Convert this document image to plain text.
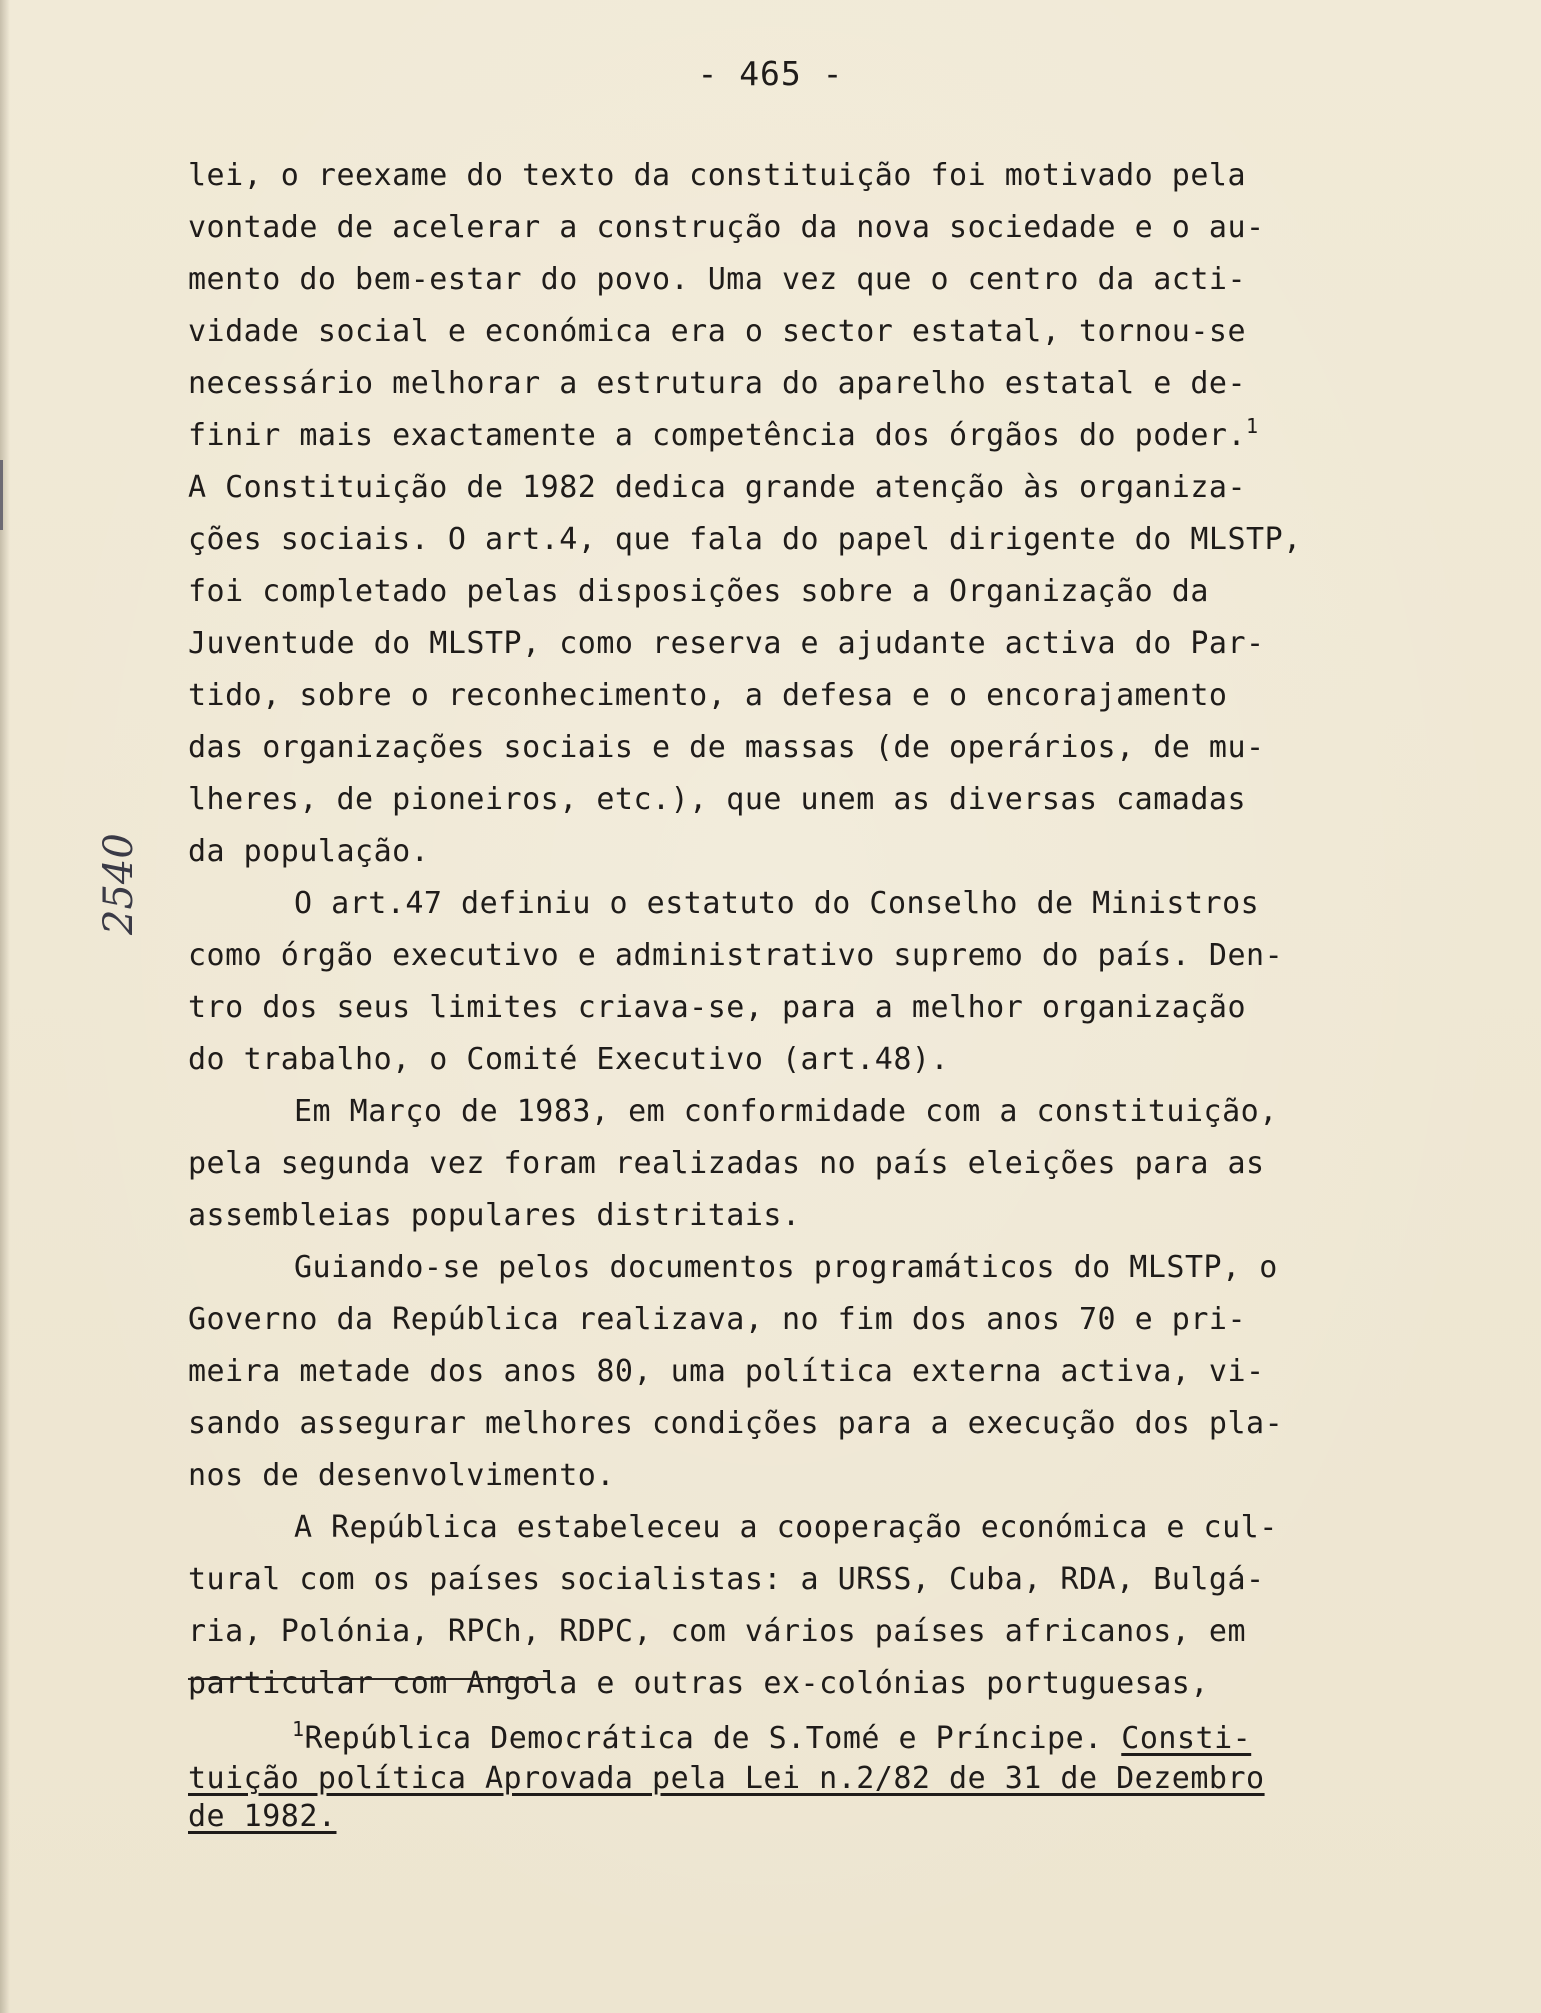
- 465 -
2540
lei, o reexame do texto da constituição foi motivado pela
vontade de acelerar a construção da nova sociedade e o au-
mento do bem-estar do povo. Uma vez que o centro da acti-
vidade social e económica era o sector estatal, tornou-se
necessário melhorar a estrutura do aparelho estatal e de-
finir mais exactamente a competência dos órgãos do poder.$^1$
A Constituição de 1982 dedica grande atenção às organiza-
ções sociais. O art.4, que fala do papel dirigente do MLSTP,
foi completado pelas disposições sobre a Organização da
Juventude do MLSTP, como reserva e ajudante activa do Par-
tido, sobre o reconhecimento, a defesa e o encorajamento
das organizações sociais e de massas (de operários, de mu-
lheres, de pioneiros, etc.), que unem as diversas camadas
da população.
O art.47 definiu o estatuto do Conselho de Ministros
como órgão executivo e administrativo supremo do país. Den-
tro dos seus limites criava-se, para a melhor organização
do trabalho, o Comité Executivo (art.48).
Em Março de 1983, em conformidade com a constituição,
pela segunda vez foram realizadas no país eleições para as
assembleias populares distritais.
Guiando-se pelos documentos programáticos do MLSTP, o
Governo da República realizava, no fim dos anos 70 e pri-
meira metade dos anos 80, uma política externa activa, vi-
sando assegurar melhores condições para a execução dos pla-
nos de desenvolvimento.
A República estabeleceu a cooperação económica e cul-
tural com os países socialistas: a URSS, Cuba, RDA, Bulgá-
ria, Polónia, RPCh, RDPC, com vários países africanos, em
particular com Angola e outras ex-colónias portuguesas,
$^1$República Democrática de S.Tomé e Príncipe. Consti-
tuição política Aprovada pela Lei n.2/82 de 31 de Dezembro
de 1982.
